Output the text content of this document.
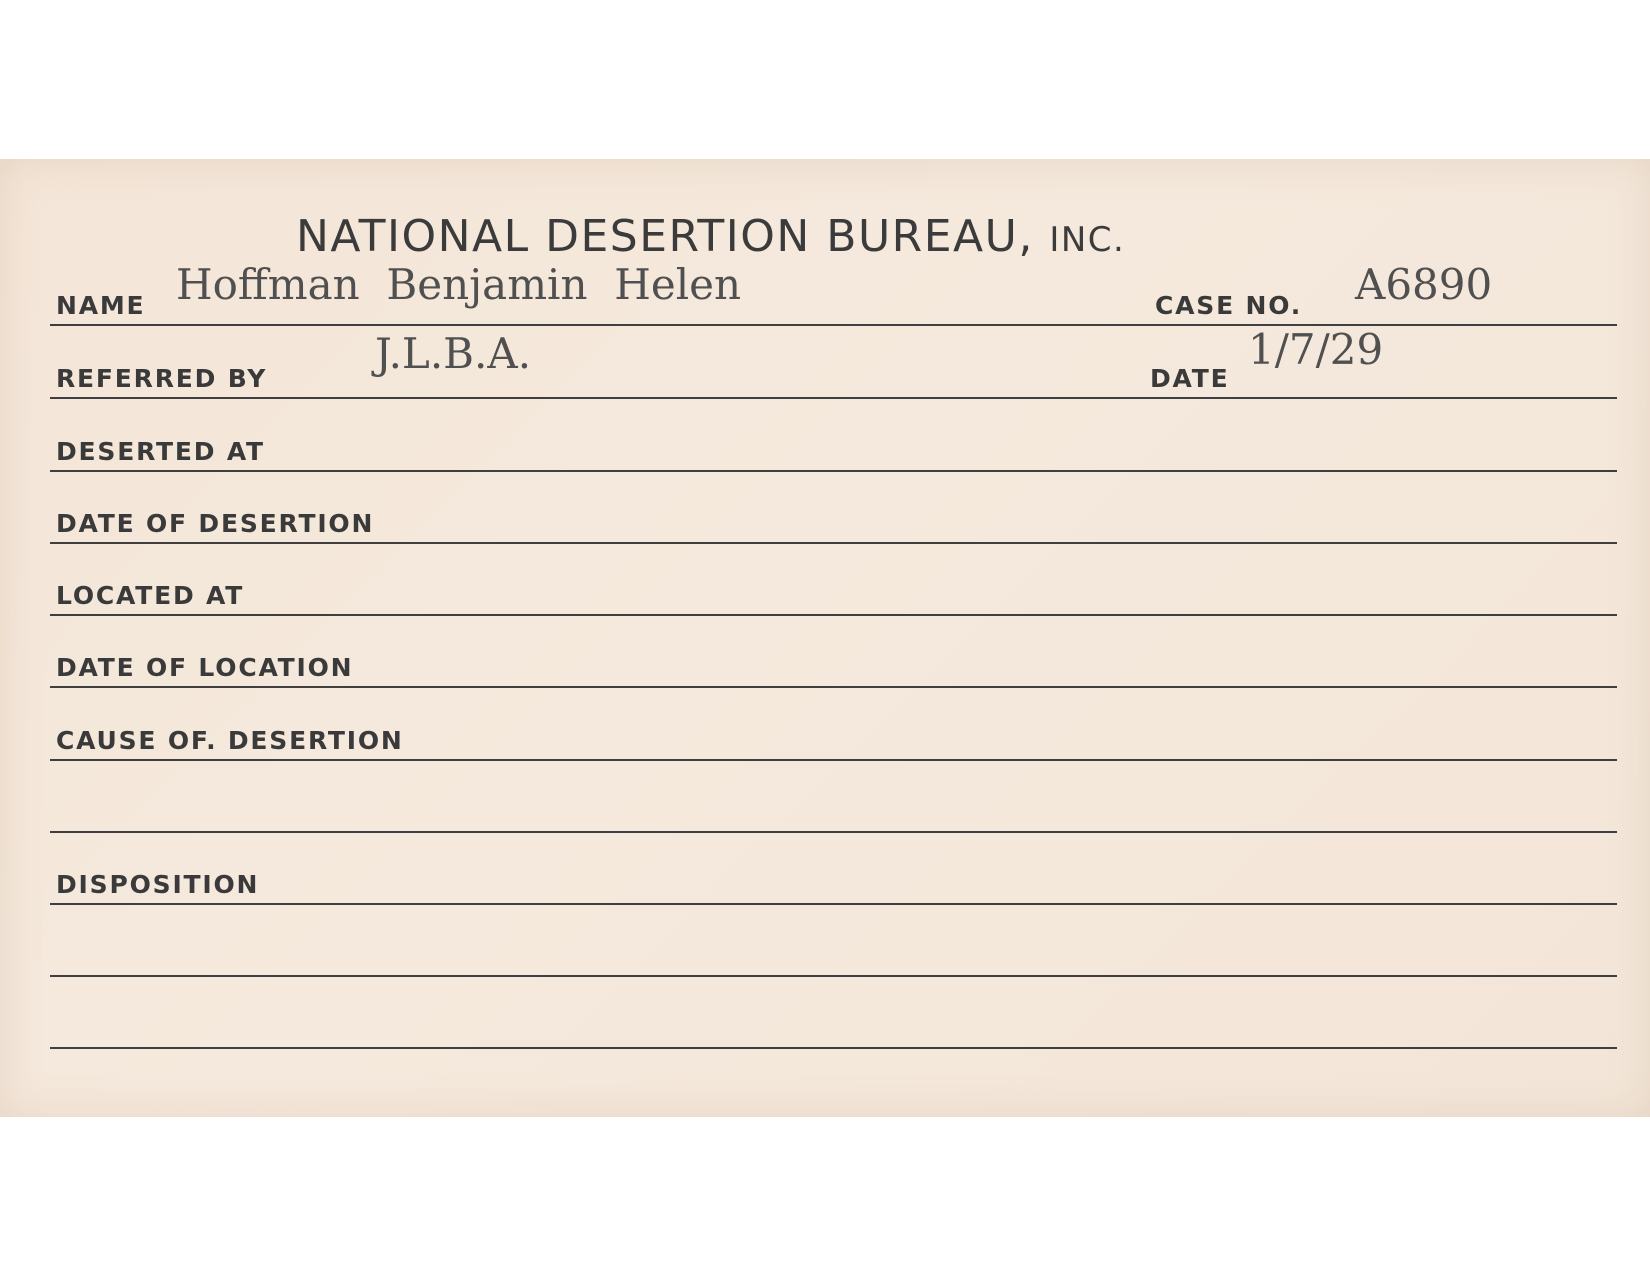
NATIONAL DESERTION BUREAU, INC.

NAME Hoffman  Benjamin  Helen	CASE NO. A6890

REFERRED BY

J.L.B.A.

DATE

1/7/29

DESERTED AT

DATE OF DESERTION

LOCATED AT

DATE OF LOCATION

CAUSE OF. DESERTION

DISPOSITION
